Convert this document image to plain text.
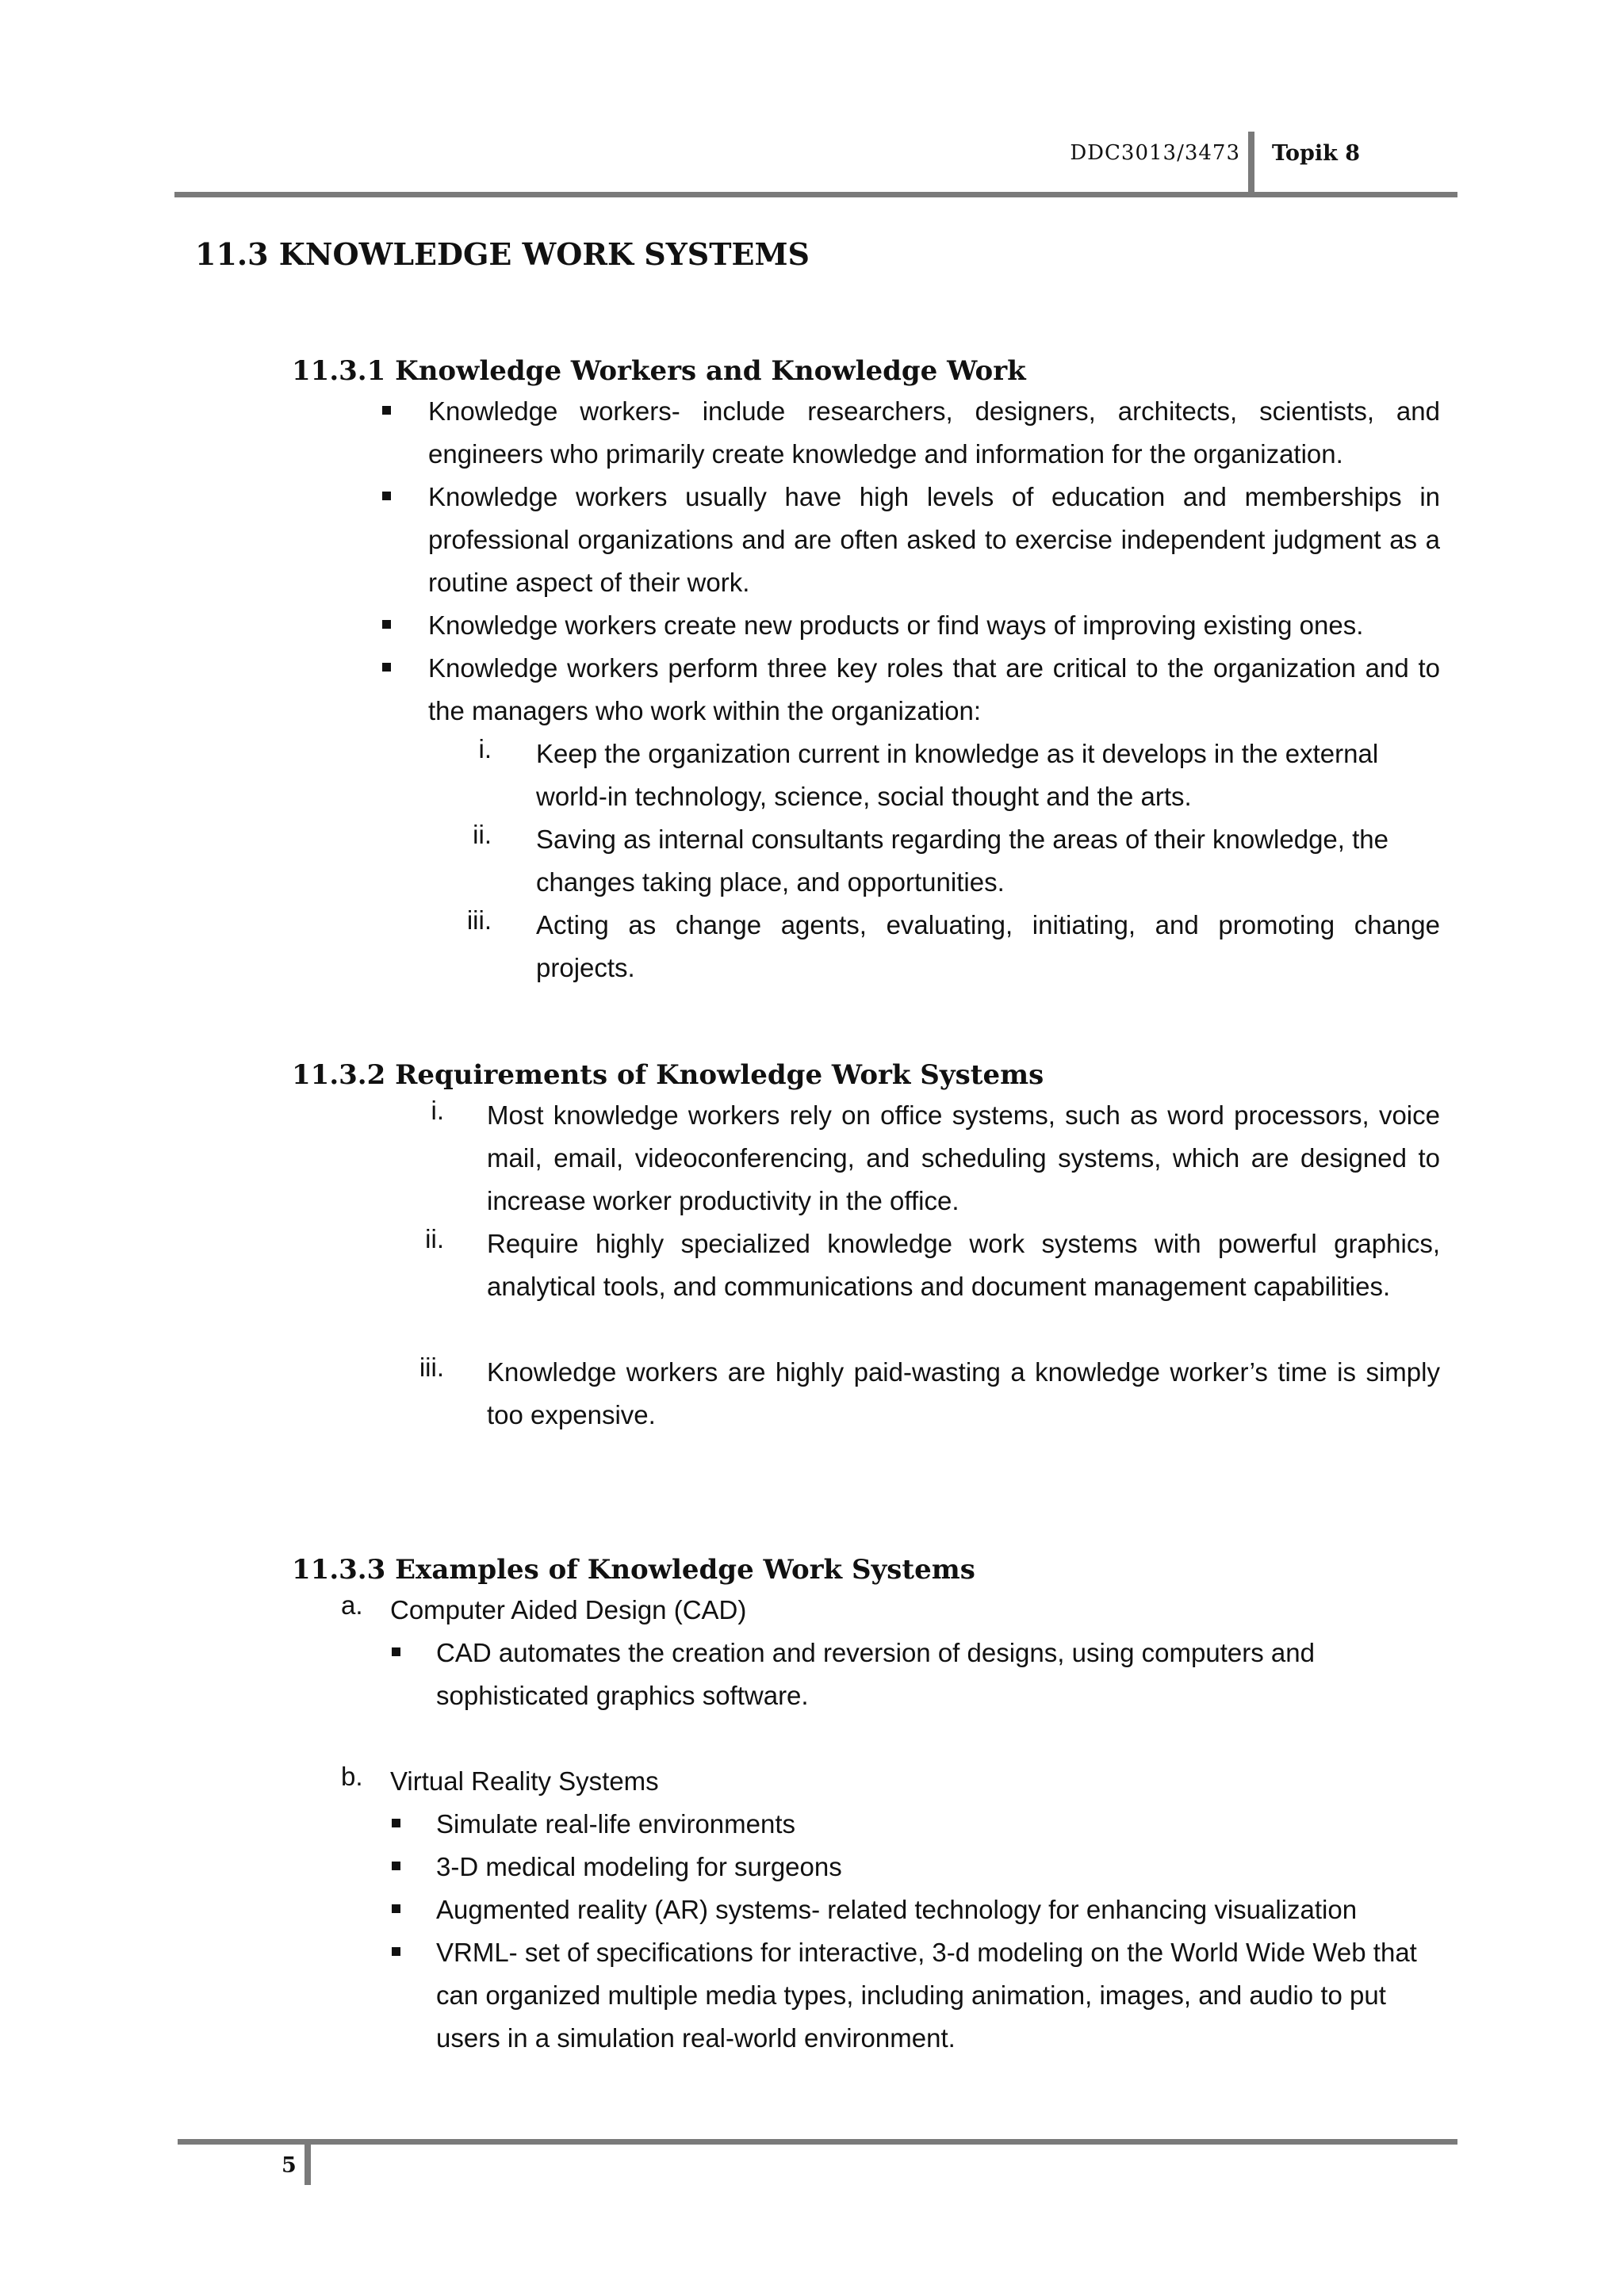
DDC3013/3473 Topik 8
11.3 KNOWLEDGE WORK SYSTEMS
11.3.1 Knowledge Workers and Knowledge Work
Knowledge workers- include researchers, designers, architects, scientists, and engineers who primarily create knowledge and information for the organization.
Knowledge workers usually have high levels of education and memberships in professional organizations and are often asked to exercise independent judgment as a routine aspect of their work.
Knowledge workers create new products or find ways of improving existing ones.
Knowledge workers perform three key roles that are critical to the organization and to the managers who work within the organization:
i. Keep the organization current in knowledge as it develops in the external world-in technology, science, social thought and the arts.
ii. Saving as internal consultants regarding the areas of their knowledge, the changes taking place, and opportunities.
iii. Acting as change agents, evaluating, initiating, and promoting change projects.
11.3.2 Requirements of Knowledge Work Systems
i. Most knowledge workers rely on office systems, such as word processors, voice mail, email, videoconferencing, and scheduling systems, which are designed to increase worker productivity in the office.
ii. Require highly specialized knowledge work systems with powerful graphics, analytical tools, and communications and document management capabilities.
iii. Knowledge workers are highly paid-wasting a knowledge worker’s time is simply too expensive.
11.3.3 Examples of Knowledge Work Systems
a. Computer Aided Design (CAD)
CAD automates the creation and reversion of designs, using computers and sophisticated graphics software.
b. Virtual Reality Systems
Simulate real-life environments
3-D medical modeling for surgeons
Augmented reality (AR) systems- related technology for enhancing visualization
VRML- set of specifications for interactive, 3-d modeling on the World Wide Web that can organized multiple media types, including animation, images, and audio to put users in a simulation real-world environment.
5
